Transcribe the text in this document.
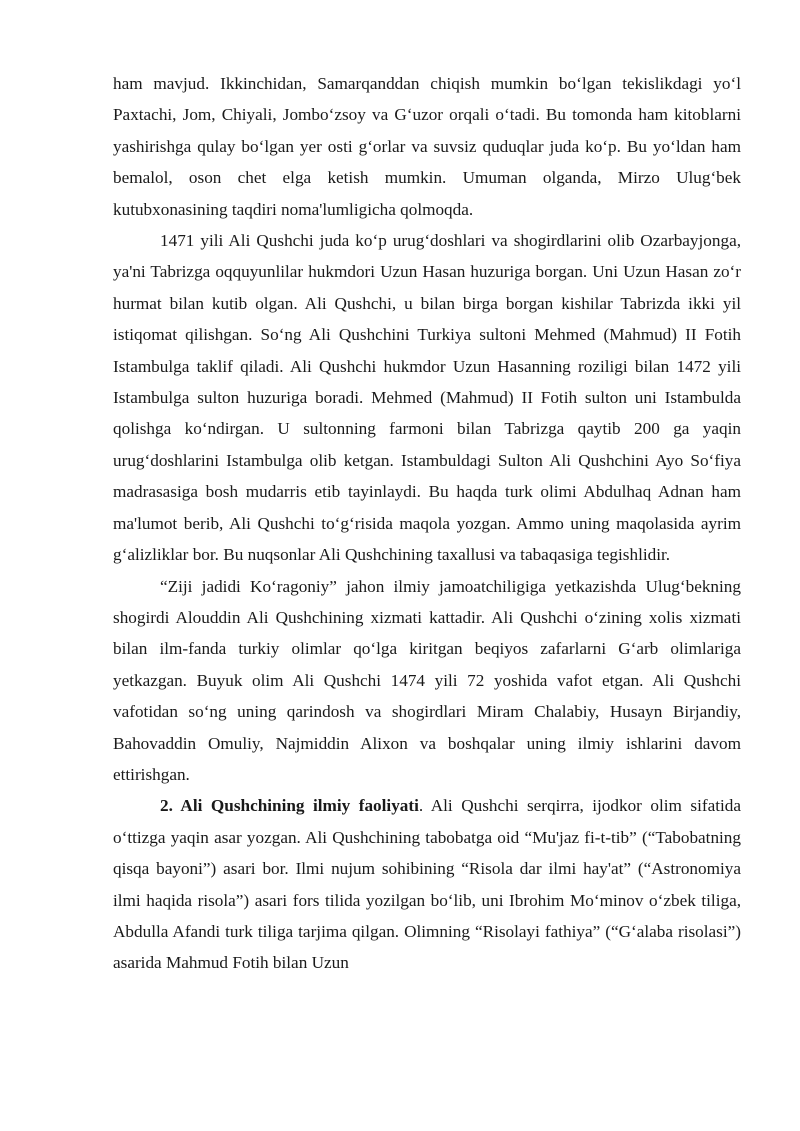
ham mavjud. Ikkinchidan, Samarqanddan chiqish mumkin boʻlgan tekislikdagi yoʻl Paxtachi, Jom, Chiyali, Jomboʻzsoy va Gʻuzor orqali oʻtadi. Bu tomonda ham kitoblarni yashirishga qulay boʻlgan yer osti gʻorlar va suvsiz quduqlar juda koʻp. Bu yoʻldan ham bemalol, oson chet elga ketish mumkin. Umuman olganda, Mirzo Ulugʻbek kutubxonasining taqdiri noma'lumligicha qolmoqda.

1471 yili Ali Qushchi juda koʻp urugʻdoshlari va shogirdlarini olib Ozarbayjonga, ya'ni Tabrizga oqquyunlilar hukmdori Uzun Hasan huzuriga borgan. Uni Uzun Hasan zoʻr hurmat bilan kutib olgan. Ali Qushchi, u bilan birga borgan kishilar Tabrizda ikki yil istiqomat qilishgan. Soʻng Ali Qushchini Turkiya sultoni Mehmed (Mahmud) II Fotih Istambulga taklif qiladi. Ali Qushchi hukmdor Uzun Hasanning roziligi bilan 1472 yili Istambulga sulton huzuriga boradi. Mehmed (Mahmud) II Fotih sulton uni Istambulda qolishga koʻndirgan. U sultonning farmoni bilan Tabrizga qaytib 200 ga yaqin urugʻdoshlarini Istambulga olib ketgan. Istambuldagi Sulton Ali Qushchini Ayo Soʻfiya madrasasiga bosh mudarris etib tayinlaydi. Bu haqda turk olimi Abdulhaq Adnan ham ma'lumot berib, Ali Qushchi toʻgʻrisida maqola yozgan. Ammo uning maqolasida ayrim gʻalizliklar bor. Bu nuqsonlar Ali Qushchining taxallusi va tabaqasiga tegishlidir.

“Ziji jadidi Koʻragoniy” jahon ilmiy jamoatchiligiga yetkazishda Ulugʻbekning shogirdi Alouddin Ali Qushchining xizmati kattadir. Ali Qushchi oʻzining xolis xizmati bilan ilm-fanda turkiy olimlar qoʻlga kiritgan beqiyos zafarlarni Gʻarb olimlariga yetkazgan. Buyuk olim Ali Qushchi 1474 yili 72 yoshida vafot etgan. Ali Qushchi vafotidan soʻng uning qarindosh va shogirdlari Miram Chalabiy, Husayn Birjandiy, Bahovaddin Omuliy, Najmiddin Alixon va boshqalar uning ilmiy ishlarini davom ettirishgan.

2. Ali Qushchining ilmiy faoliyati. Ali Qushchi serqirra, ijodkor olim sifatida oʻttizga yaqin asar yozgan. Ali Qushchining tabobatga oid “Mu'jaz fi-t-tib” (“Tabobatning qisqa bayoni”) asari bor. Ilmi nujum sohibining “Risola dar ilmi hay'at” (“Astronomiya ilmi haqida risola”) asari fors tilida yozilgan boʻlib, uni Ibrohim Moʻminov oʻzbek tiliga, Abdulla Afandi turk tiliga tarjima qilgan. Olimning “Risolayi fathiya” (“Gʻalaba risolasi”) asarida Mahmud Fotih bilan Uzun
